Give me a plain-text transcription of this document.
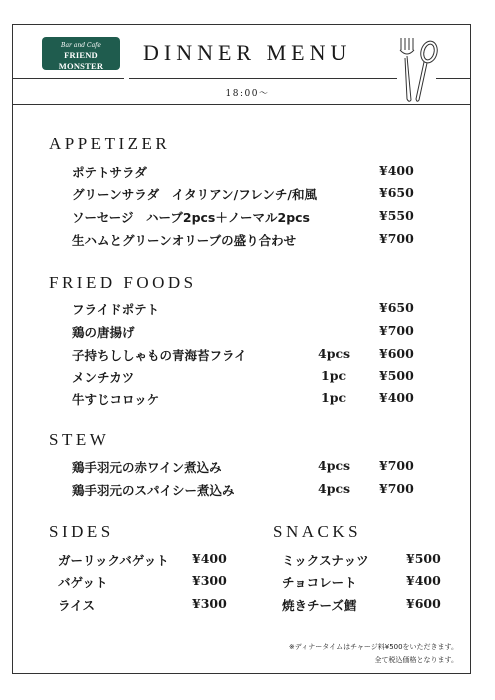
Bar and Cafe
FRIEND MONSTER
DINNER MENU
18:00〜
APPETIZER
ポテトサラダ	¥400
グリーンサラダ　イタリアン/フレンチ/和風	¥650
ソーセージ　ハーブ2pcs＋ノーマル2pcs	¥550
生ハムとグリーンオリーブの盛り合わせ	¥700
FRIED FOODS
フライドポテト	¥650
鶏の唐揚げ	¥700
子持ちししゃもの青海苔フライ	4pcs ¥600
メンチカツ	1pc	¥500
牛すじコロッケ	1pc	¥400
STEW
鶏手羽元の赤ワイン煮込み	4pcs ¥700
鶏手羽元のスパイシー煮込み	4pcs ¥700
SIDES
ガーリックバゲット ¥400
バゲット	¥300
ライス	¥300
SNACKS
ミックスナッツ	¥500
チョコレート	¥400
焼きチーズ鱈	¥600
※ディナータイムはチャージ料¥500をいただきます。
全て税込価格となります。
